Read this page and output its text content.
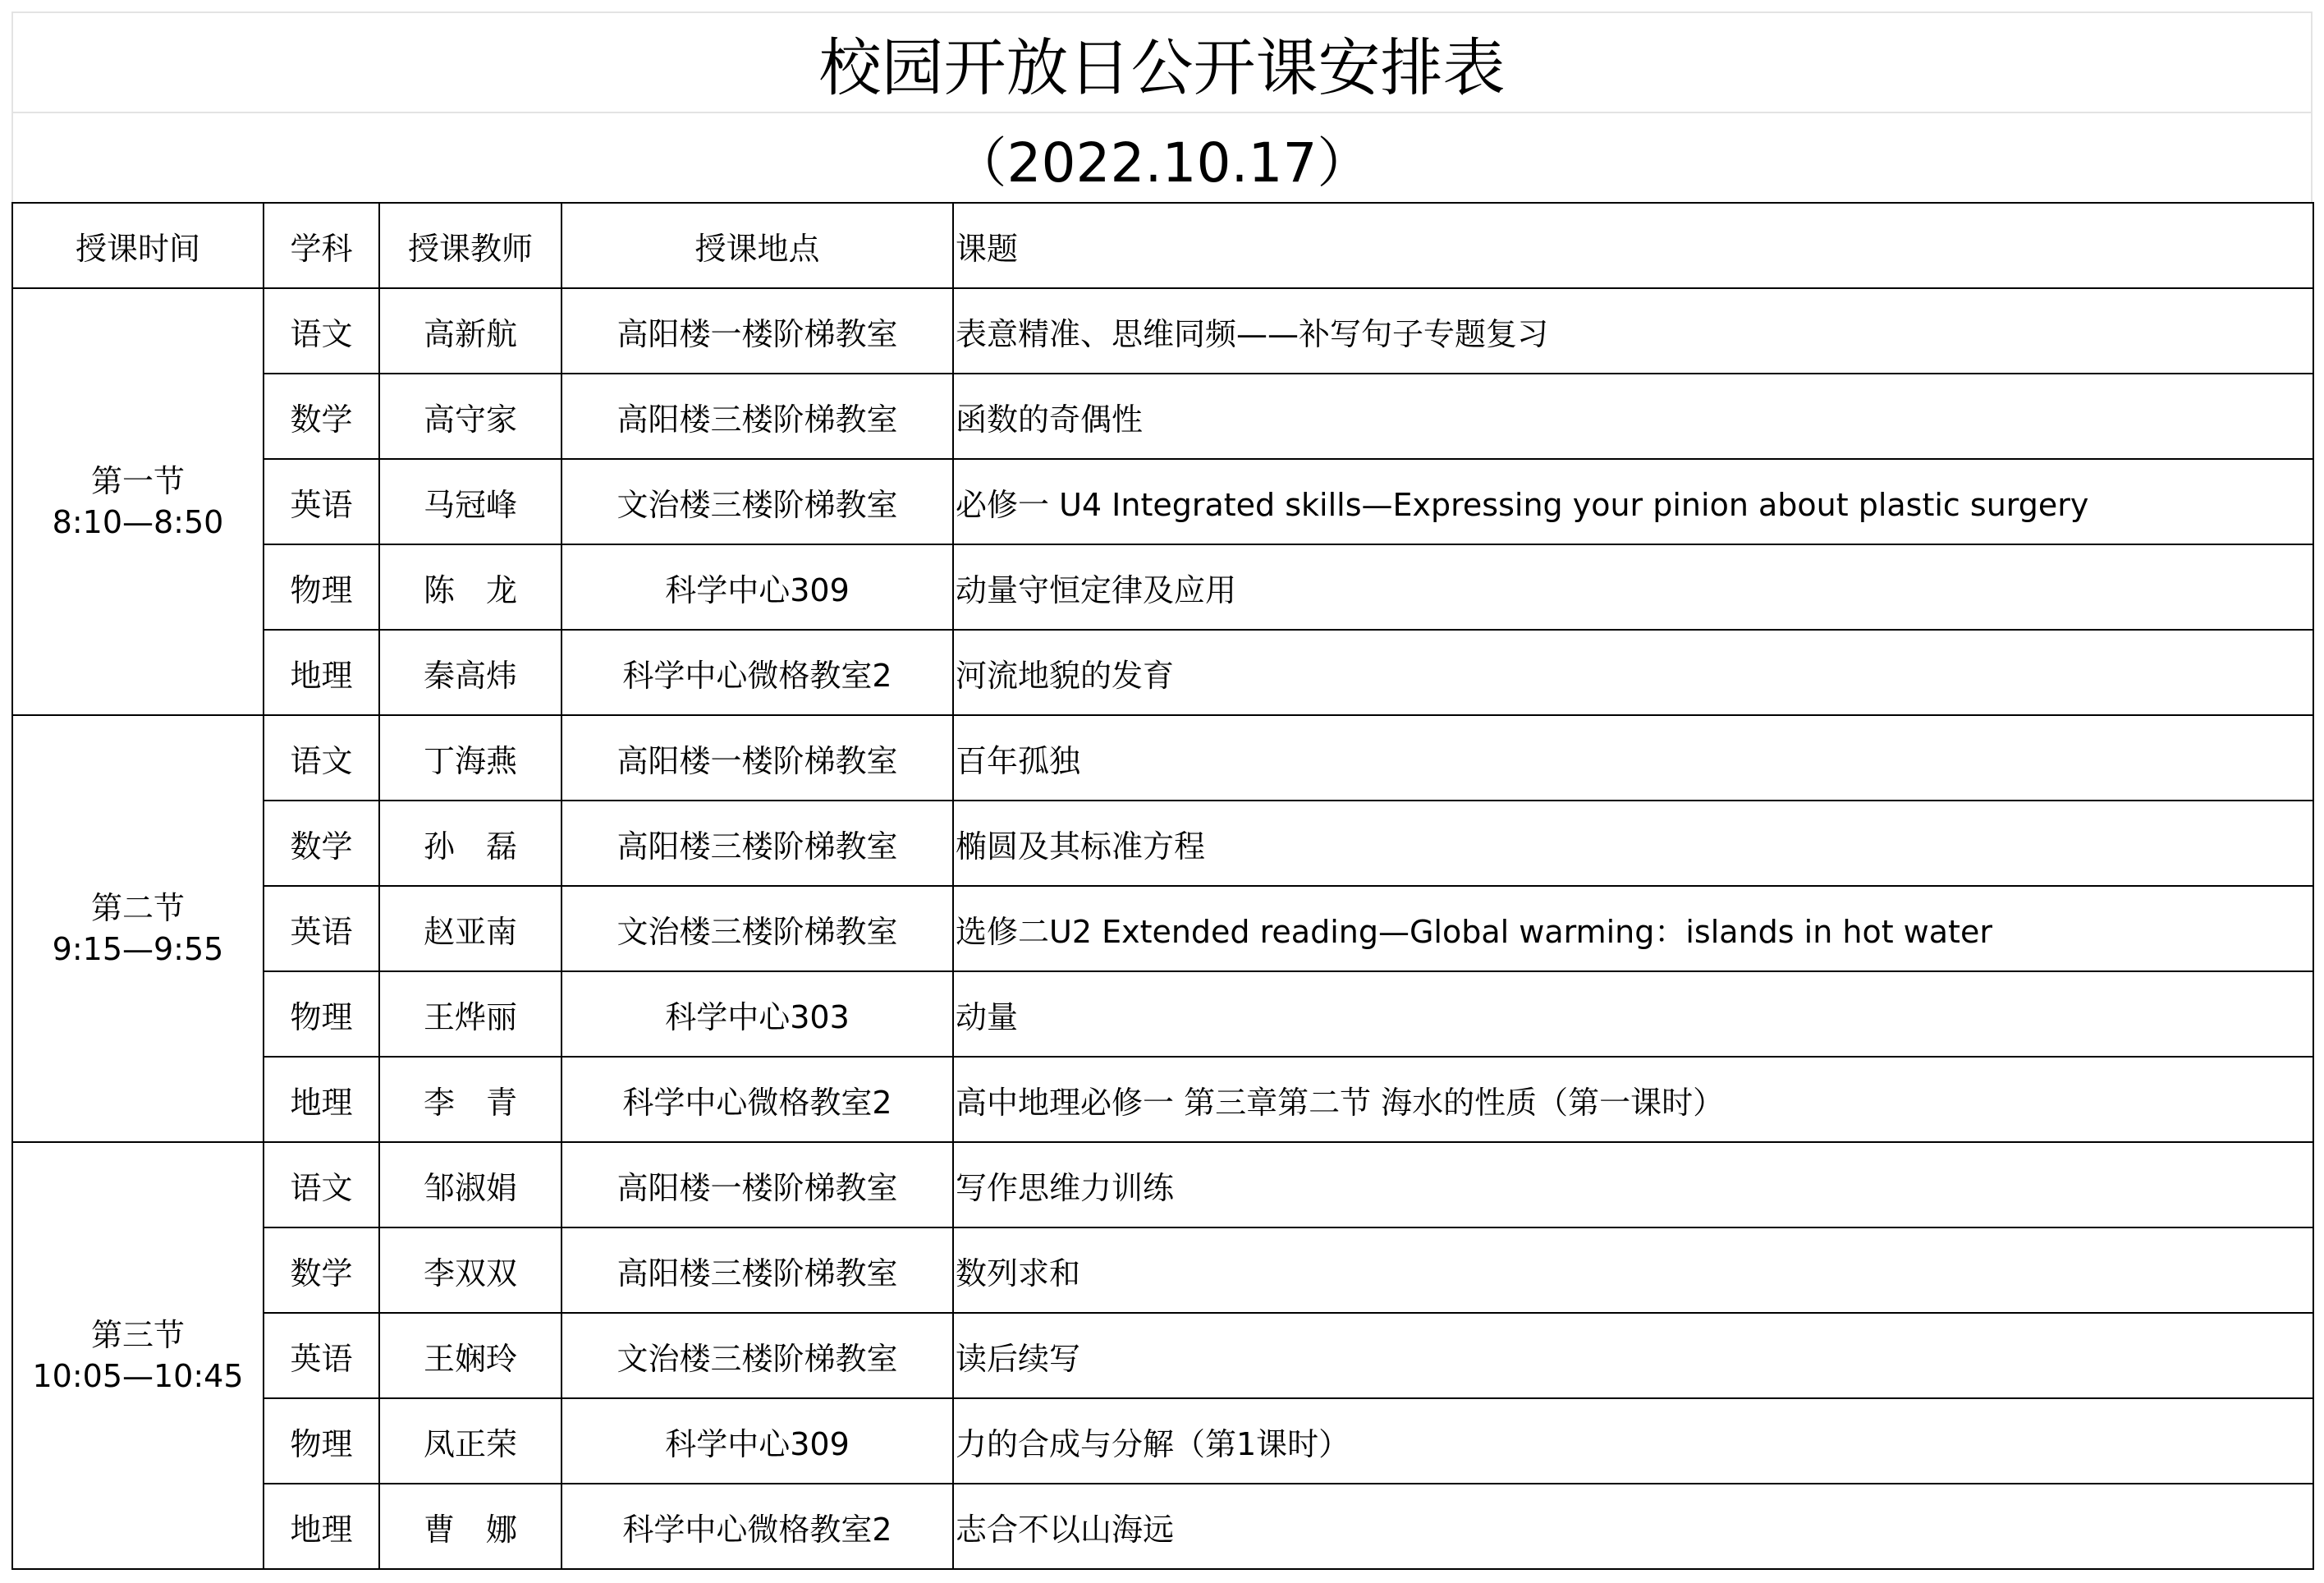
校园开放日公开课安排表
（2022.10.17）
授课时间	学科	授课教师	授课地点	课题

第一节
8:10—8:50	语文	高新航	高阳楼一楼阶梯教室	表意精准、思维同频——补写句子专题复习
	数学	高守家	高阳楼三楼阶梯教室	函数的奇偶性
	英语	马冠峰	文治楼三楼阶梯教室	必修一 U4 Integrated skills—Expressing your pinion about plastic surgery
	物理	陈　龙	科学中心309	动量守恒定律及应用
	地理	秦高炜	科学中心微格教室2	河流地貌的发育

第二节
9:15—9:55	语文	丁海燕	高阳楼一楼阶梯教室	百年孤独
	数学	孙　磊	高阳楼三楼阶梯教室	椭圆及其标准方程
	英语	赵亚南	文治楼三楼阶梯教室	选修二U2 Extended reading—Global warming：islands in hot water
	物理	王烨丽	科学中心303	动量
	地理	李　青	科学中心微格教室2	高中地理必修一 第三章第二节 海水的性质（第一课时）

第三节
10:05—10:45	语文	邹淑娟	高阳楼一楼阶梯教室	写作思维力训练
	数学	李双双	高阳楼三楼阶梯教室	数列求和
	英语	王娴玲	文治楼三楼阶梯教室	读后续写
	物理	凤正荣	科学中心309	力的合成与分解（第1课时）
	地理	曹　娜	科学中心微格教室2	志合不以山海远
